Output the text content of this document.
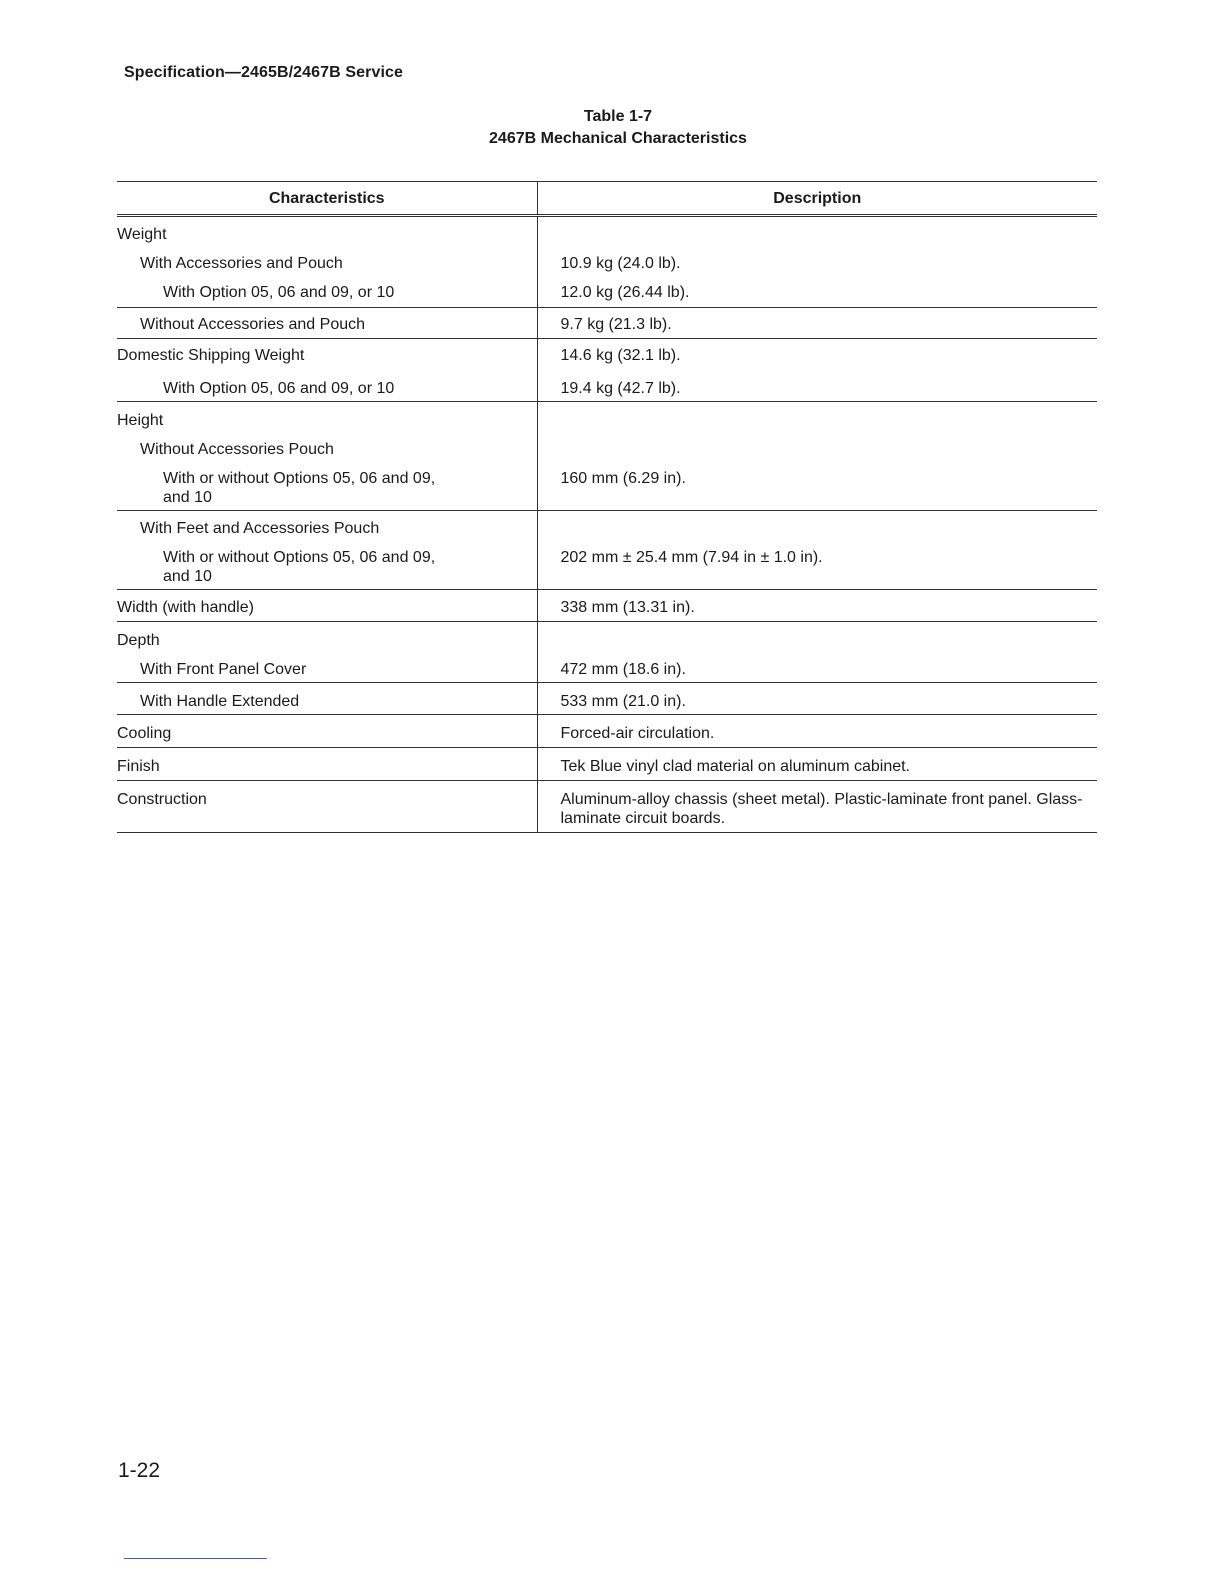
Specification—2465B/2467B Service
Table 1-7
2467B Mechanical Characteristics
Characteristics	Description

Weight	

With Accessories and Pouch	10.9 kg (24.0 lb).

With Option 05, 06 and 09, or 10	12.0 kg (26.44 lb).

Without Accessories and Pouch	9.7 kg (21.3 lb).

Domestic Shipping Weight	14.6 kg (32.1 lb).

With Option 05, 06 and 09, or 10	19.4 kg (42.7 lb).

Height	

Without Accessories Pouch	

With or without Options 05, 06 and 09, and 10	160 mm (6.29 in).

With Feet and Accessories Pouch	

With or without Options 05, 06 and 09, and 10	202 mm ± 25.4 mm (7.94 in ± 1.0 in).

Width (with handle)	338 mm (13.31 in).

Depth	

With Front Panel Cover	472 mm (18.6 in).

With Handle Extended	533 mm (21.0 in).

Cooling	Forced-air circulation.

Finish	Tek Blue vinyl clad material on aluminum cabinet.

Construction	Aluminum-alloy chassis (sheet metal). Plastic-laminate front panel. Glass-laminate circuit boards.
1-22
